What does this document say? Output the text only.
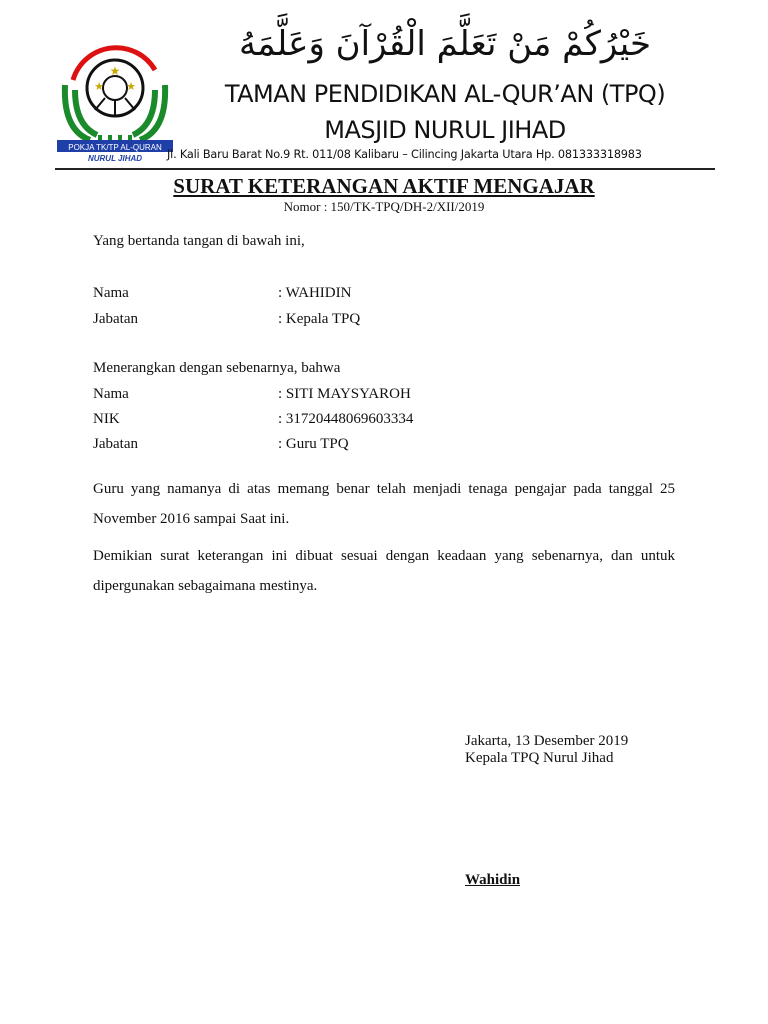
★
★ ★
POKJA TK/TP AL-QURAN
NURUL JIHAD
خَيْرُكُمْ مَنْ تَعَلَّمَ الْقُرْآنَ وَعَلَّمَهُ
TAMAN PENDIDIKAN AL-QUR’AN (TPQ)
MASJID NURUL JIHAD
Jl. Kali Baru Barat No.9 Rt. 011/08 Kalibaru – Cilincing Jakarta Utara Hp. 081333318983
SURAT KETERANGAN AKTIF MENGAJAR
Nomor : 150/TK-TPQ/DH-2/XII/2019
Yang bertanda tangan di bawah ini,
Nama	: WAHIDIN
Jabatan	: Kepala TPQ
Menerangkan dengan sebenarnya, bahwa
Nama	: SITI MAYSYAROH
NIK	: 31720448069603334
Jabatan	: Guru TPQ
Guru yang namanya di atas memang benar telah menjadi tenaga pengajar pada tanggal 25 November 2016 sampai Saat ini.
Demikian surat keterangan ini dibuat sesuai dengan keadaan yang sebenarnya, dan untuk dipergunakan sebagaimana mestinya.
Jakarta, 13 Desember 2019
Kepala TPQ Nurul Jihad
Wahidin
